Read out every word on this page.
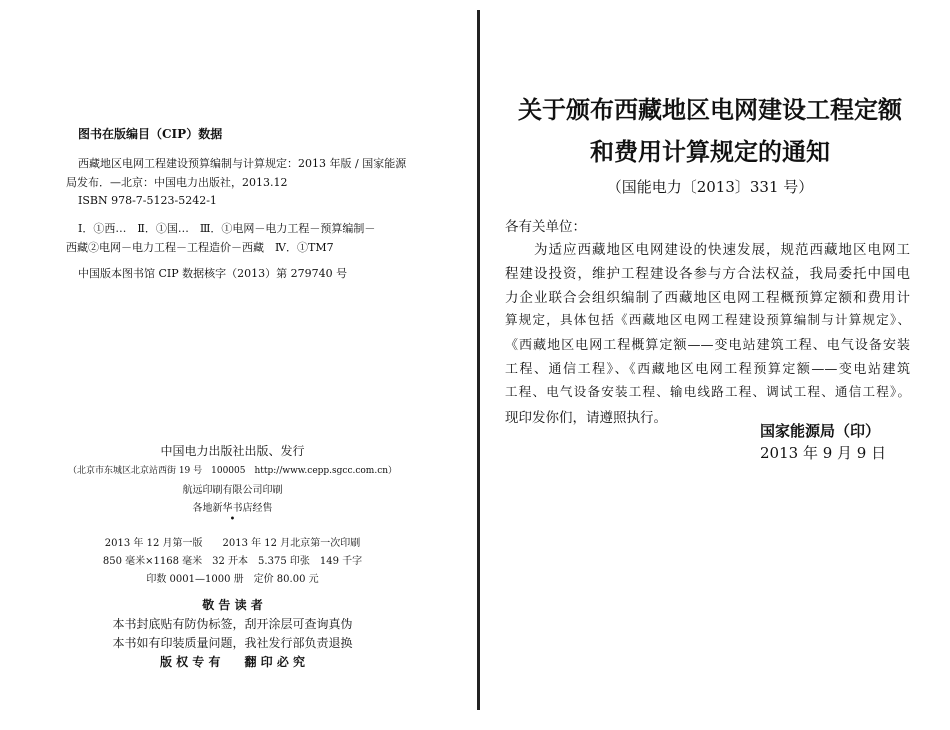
图书在版编目（CIP）数据
西藏地区电网工程建设预算编制与计算规定：2013 年版 / 国家能源
局发布．—北京：中国电力出版社，2013.12
ISBN 978-7-5123-5242-1
Ⅰ．①西…　Ⅱ．①国…　Ⅲ．①电网－电力工程－预算编制－
西藏②电网－电力工程－工程造价－西藏　Ⅳ．①TM7
中国版本图书馆 CIP 数据核字（2013）第 279740 号
中国电力出版社出版、发行
（北京市东城区北京站西街 19 号　100005　http://www.cepp.sgcc.com.cn）
航远印刷有限公司印刷
各地新华书店经售
•
2013 年 12 月第一版　　2013 年 12 月北京第一次印刷
850 毫米×1168 毫米　32 开本　5.375 印张　149 千字
印数 0001—1000 册　定价 80.00 元
敬 告 读 者
本书封底贴有防伪标签，刮开涂层可查询真伪
本书如有印装质量问题，我社发行部负责退换
版 权 专 有　　翻 印 必 究
关于颁布西藏地区电网建设工程定额
和费用计算规定的通知
（国能电力〔2013〕331 号）
各有关单位：
　　为适应西藏地区电网建设的快速发展，规范西藏地区电网工
程建设投资，维护工程建设各参与方合法权益，我局委托中国电
力企业联合会组织编制了西藏地区电网工程概预算定额和费用计
算规定，具体包括《西藏地区电网工程建设预算编制与计算规定》、
《西藏地区电网工程概算定额——变电站建筑工程、电气设备安装
工程、通信工程》、《西藏地区电网工程预算定额——变电站建筑
工程、电气设备安装工程、输电线路工程、调试工程、通信工程》。
现印发你们，请遵照执行。
国家能源局（印）
2013 年 9 月 9 日
